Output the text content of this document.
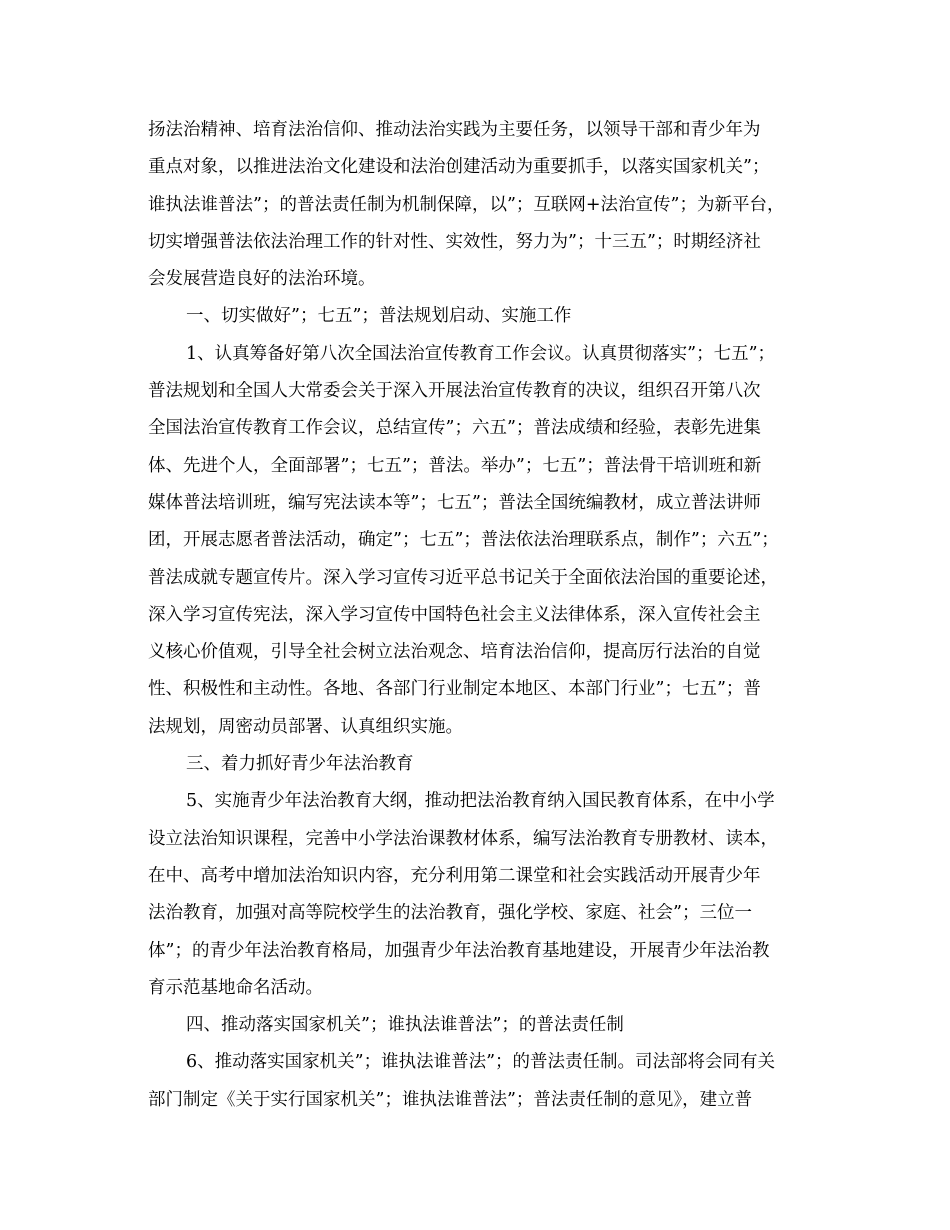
扬法治精神、培育法治信仰、推动法治实践为主要任务，以领导干部和青少年为
重点对象，以推进法治文化建设和法治创建活动为重要抓手，以落实国家机关”；
谁执法谁普法”；的普法责任制为机制保障，以”；互联网+法治宣传”；为新平台，
切实增强普法依法治理工作的针对性、实效性，努力为”；十三五”；时期经济社
会发展营造良好的法治环境。
一、切实做好”；七五”；普法规划启动、实施工作
1、认真筹备好第八次全国法治宣传教育工作会议。认真贯彻落实”；七五”；
普法规划和全国人大常委会关于深入开展法治宣传教育的决议，组织召开第八次
全国法治宣传教育工作会议，总结宣传”；六五”；普法成绩和经验，表彰先进集
体、先进个人，全面部署”；七五”；普法。举办”；七五”；普法骨干培训班和新
媒体普法培训班，编写宪法读本等”；七五”；普法全国统编教材，成立普法讲师
团，开展志愿者普法活动，确定”；七五”；普法依法治理联系点，制作”；六五”；
普法成就专题宣传片。深入学习宣传习近平总书记关于全面依法治国的重要论述，
深入学习宣传宪法，深入学习宣传中国特色社会主义法律体系，深入宣传社会主
义核心价值观，引导全社会树立法治观念、培育法治信仰，提高厉行法治的自觉
性、积极性和主动性。各地、各部门行业制定本地区、本部门行业”；七五”；普
法规划，周密动员部署、认真组织实施。
三、着力抓好青少年法治教育
5、实施青少年法治教育大纲，推动把法治教育纳入国民教育体系，在中小学
设立法治知识课程，完善中小学法治课教材体系，编写法治教育专册教材、读本，
在中、高考中增加法治知识内容，充分利用第二课堂和社会实践活动开展青少年
法治教育，加强对高等院校学生的法治教育，强化学校、家庭、社会”；三位一
体”；的青少年法治教育格局，加强青少年法治教育基地建设，开展青少年法治教
育示范基地命名活动。
四、推动落实国家机关”；谁执法谁普法”；的普法责任制
6、推动落实国家机关”；谁执法谁普法”；的普法责任制。司法部将会同有关
部门制定《关于实行国家机关”；谁执法谁普法”；普法责任制的意见》，建立普
